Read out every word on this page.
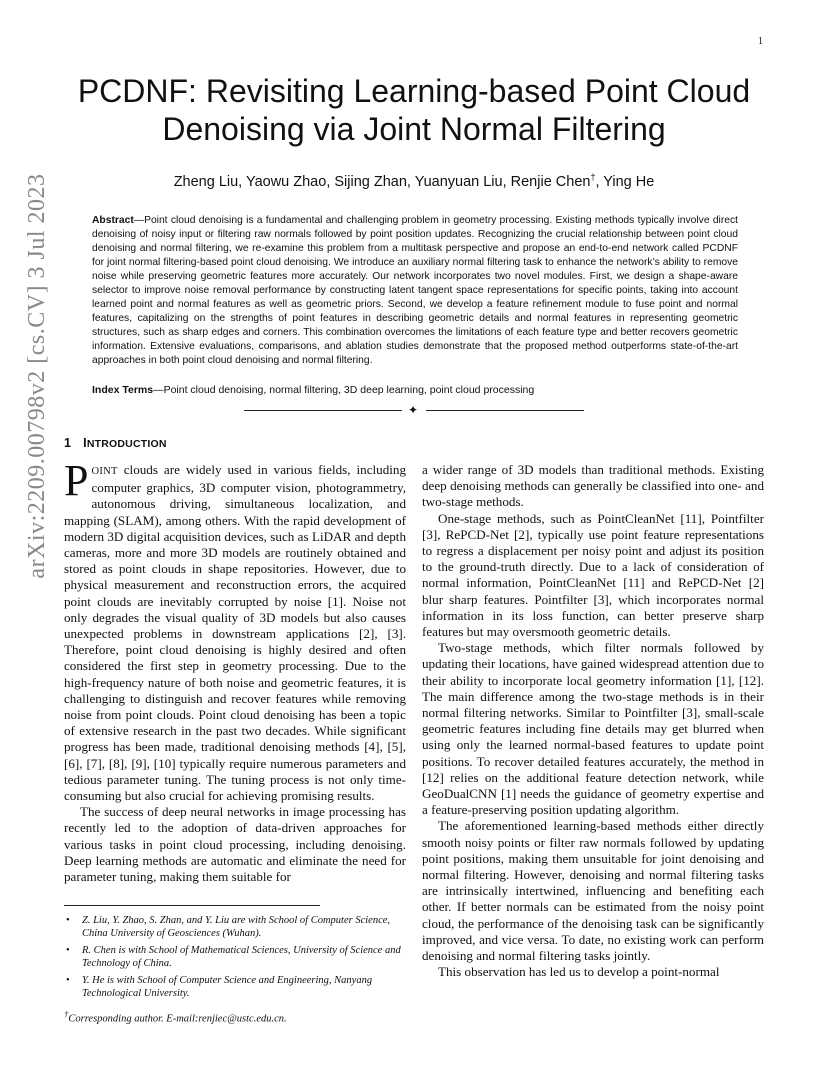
1
PCDNF: Revisiting Learning-based Point Cloud
Denoising via Joint Normal Filtering
Zheng Liu, Yaowu Zhao, Sijing Zhan, Yuanyuan Liu, Renjie Chen†, Ying He

Abstract—Point cloud denoising is a fundamental and challenging problem in geometry processing. Existing methods typically involve direct denoising of noisy input or filtering raw normals followed by point position updates. Recognizing the crucial relationship between point cloud denoising and normal filtering, we re-examine this problem from a multitask perspective and propose an end-to-end network called PCDNF for joint normal filtering-based point cloud denoising. We introduce an auxiliary normal filtering task to enhance the network’s ability to remove noise while preserving geometric features more accurately. Our network incorporates two novel modules. First, we design a shape-aware selector to improve noise removal performance by constructing latent tangent space representations for specific points, taking into account learned point and normal features as well as geometric priors. Second, we develop a feature refinement module to fuse point and normal features, capitalizing on the strengths of point features in describing geometric details and normal features in representing geometric structures, such as sharp edges and corners. This combination overcomes the limitations of each feature type and better recovers geometric information. Extensive evaluations, comparisons, and ablation studies demonstrate that the proposed method outperforms state-of-the-art approaches in both point cloud denoising and normal filtering.

Index Terms—Point cloud denoising, normal filtering, 3D deep learning, point cloud processing
✦
1 INTRODUCTION

POINT clouds are widely used in various fields, including computer graphics, 3D computer vision, photogrammetry, autonomous driving, simultaneous localization, and mapping (SLAM), among others. With the rapid development of modern 3D digital acquisition devices, such as LiDAR and depth cameras, more and more 3D models are routinely obtained and stored as point clouds in shape repositories. However, due to physical measurement and reconstruction errors, the acquired point clouds are inevitably corrupted by noise [1]. Noise not only degrades the visual quality of 3D models but also causes unexpected problems in downstream applications [2], [3]. Therefore, point cloud denoising is highly desired and often considered the first step in geometry processing. Due to the high-frequency nature of both noise and geometric features, it is challenging to distinguish and recover features while removing noise from point clouds. Point cloud denoising has been a topic of extensive research in the past two decades. While significant progress has been made, traditional denoising methods [4], [5], [6], [7], [8], [9], [10] typically require numerous parameters and tedious parameter tuning. The tuning process is not only time-consuming but also crucial for achieving promising results.

The success of deep neural networks in image processing has recently led to the adoption of data-driven approaches for various tasks in point cloud processing, including denoising. Deep learning methods are automatic and eliminate the need for parameter tuning, making them suitable for

a wider range of 3D models than traditional methods. Existing deep denoising methods can generally be classified into one- and two-stage methods.

One-stage methods, such as PointCleanNet [11], Pointfilter [3], RePCD-Net [2], typically use point feature representations to regress a displacement per noisy point and adjust its position to the ground-truth directly. Due to a lack of consideration of normal information, PointCleanNet [11] and RePCD-Net [2] blur sharp features. Pointfilter [3], which incorporates normal information in its loss function, can better preserve sharp features but may oversmooth geometric details.

Two-stage methods, which filter normals followed by updating their locations, have gained widespread attention due to their ability to incorporate local geometry information [1], [12]. The main difference among the two-stage methods is in their normal filtering networks. Similar to Pointfilter [3], small-scale geometric features including fine details may get blurred when using only the learned normal-based features to update point positions. To recover detailed features accurately, the method in [12] relies on the additional feature detection network, while GeoDualCNN [1] needs the guidance of geometry expertise and a feature-preserving position updating algorithm.

The aforementioned learning-based methods either directly smooth noisy points or filter raw normals followed by updating point positions, making them unsuitable for joint denoising and normal filtering. However, denoising and normal filtering tasks are intrinsically intertwined, influencing and benefiting each other. If better normals can be estimated from the noisy point cloud, the performance of the denoising task can be significantly improved, and vice versa. To date, no existing work can perform denoising and normal filtering tasks jointly.

This observation has led us to develop a point-normal

• Z. Liu, Y. Zhao, S. Zhan, and Y. Liu are with School of Computer Science, China University of Geosciences (Wuhan).
• R. Chen is with School of Mathematical Sciences, University of Science and Technology of China.
• Y. He is with School of Computer Science and Engineering, Nanyang Technological University.
†Corresponding author. E-mail:renjiec@ustc.edu.cn.
arXiv:2209.00798v2 [cs.CV] 3 Jul 2023
